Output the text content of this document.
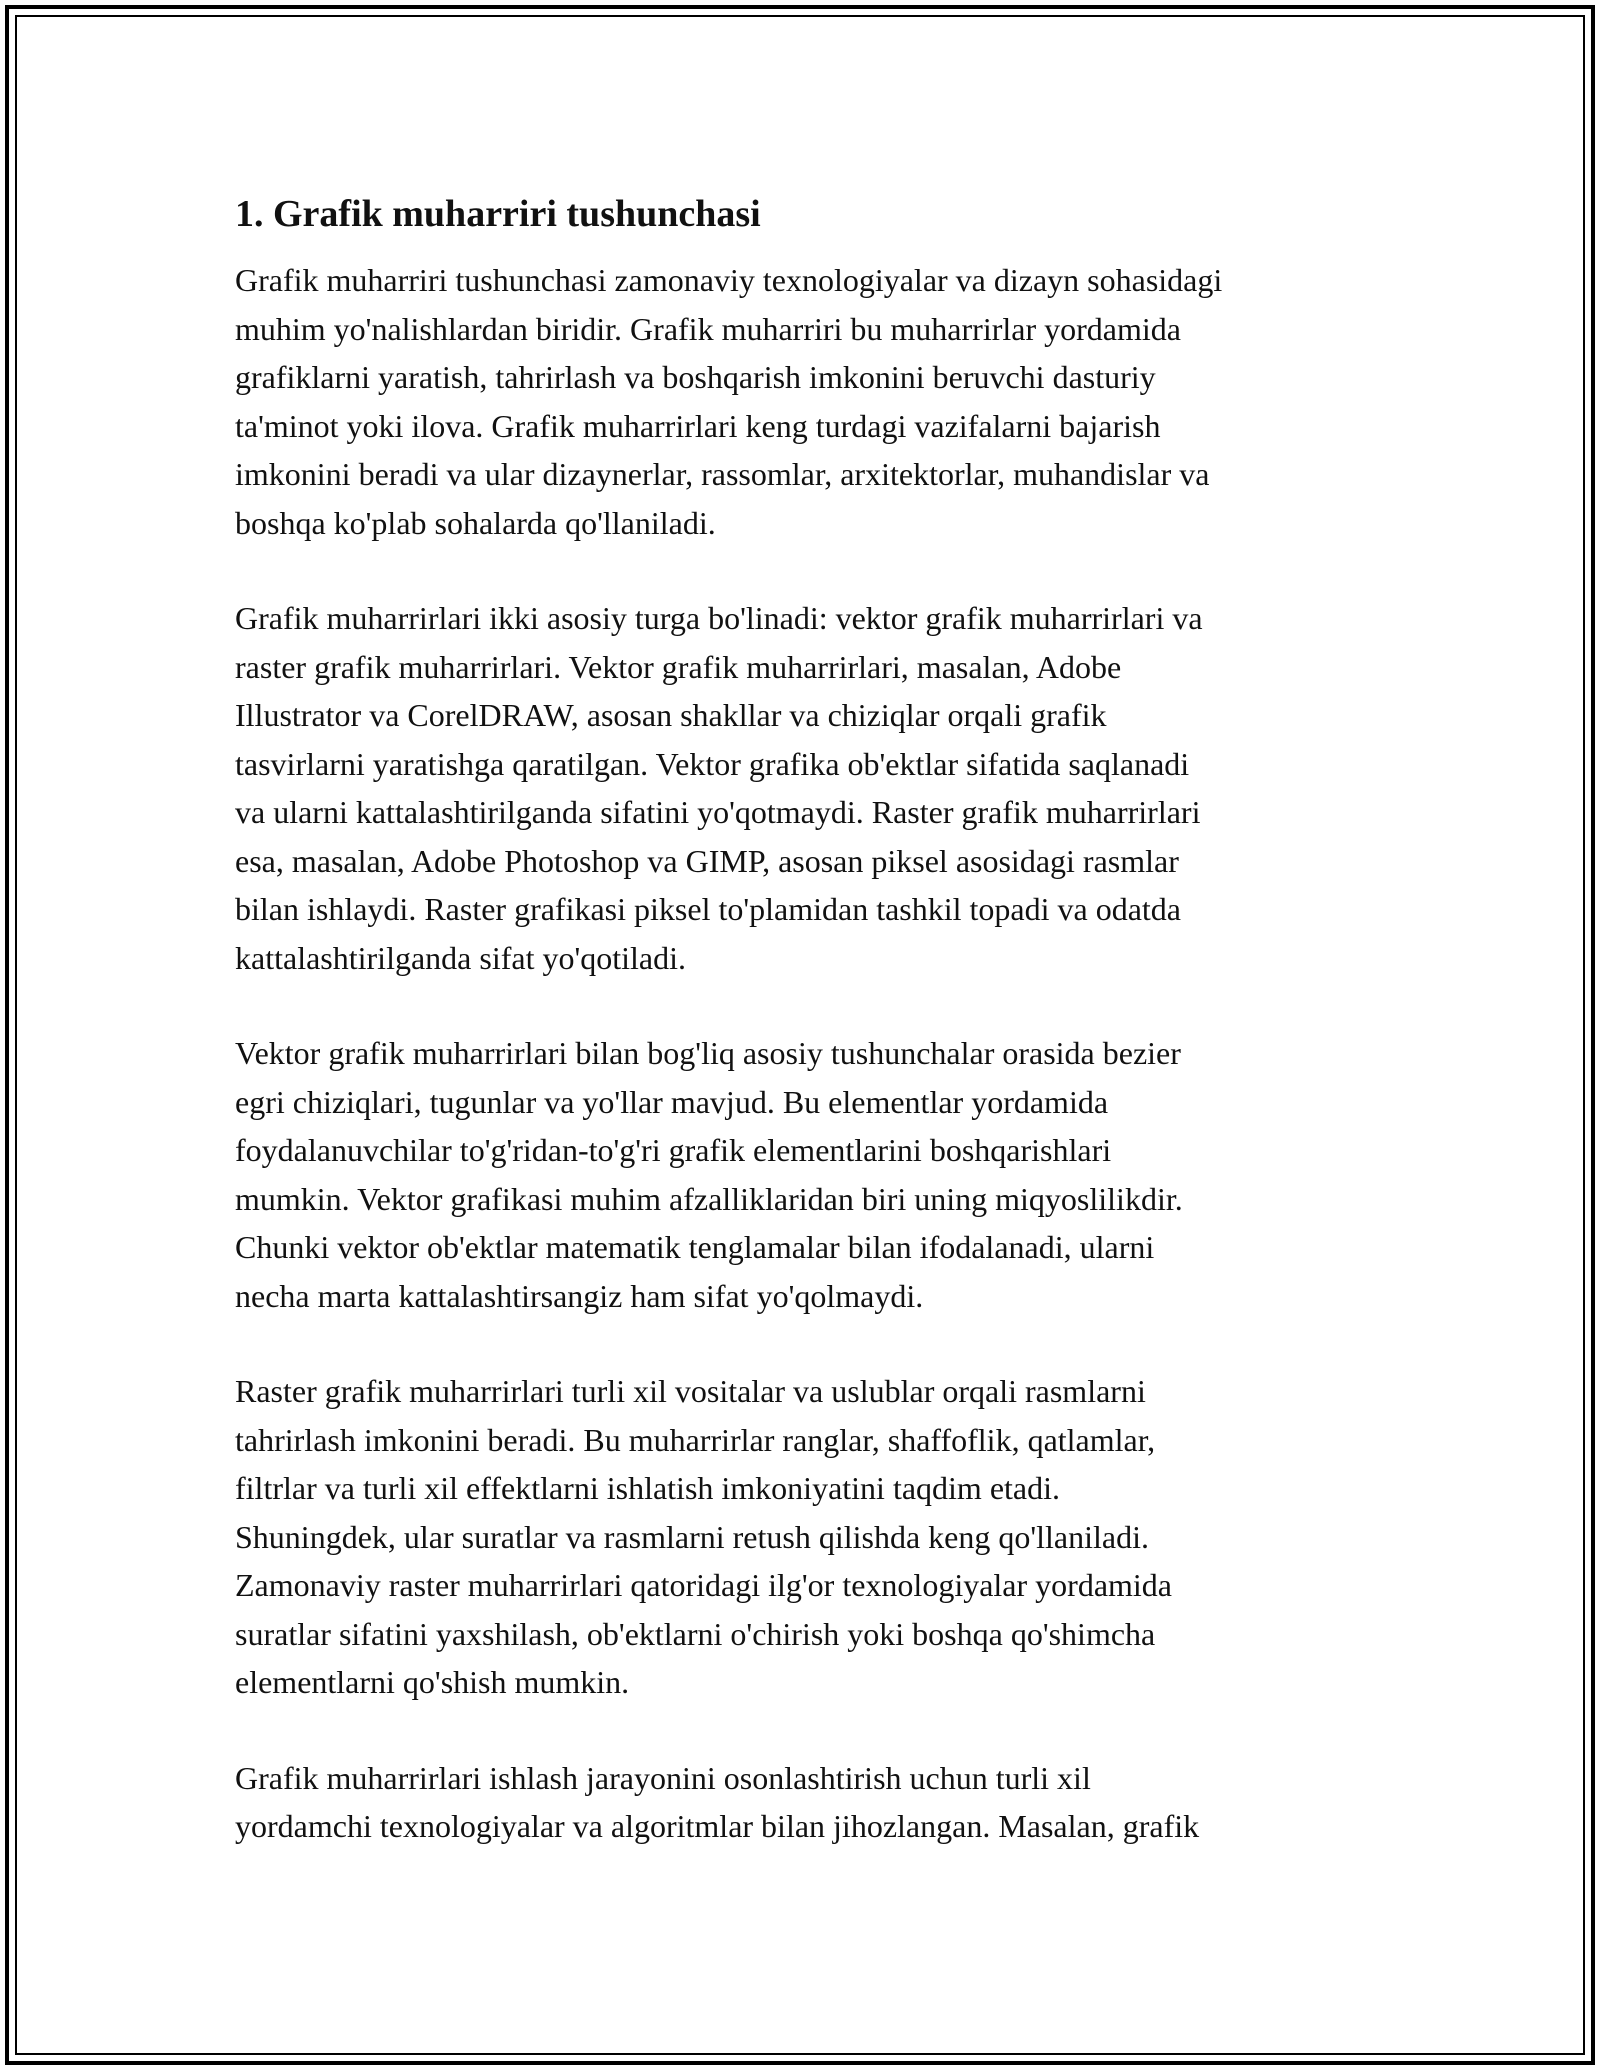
1. Grafik muharriri tushunchasi

Grafik muharriri tushunchasi zamonaviy texnologiyalar va dizayn sohasidagi
muhim yo'nalishlardan biridir. Grafik muharriri bu muharrirlar yordamida
grafiklarni yaratish, tahrirlash va boshqarish imkonini beruvchi dasturiy
ta'minot yoki ilova. Grafik muharrirlari keng turdagi vazifalarni bajarish
imkonini beradi va ular dizaynerlar, rassomlar, arxitektorlar, muhandislar va
boshqa ko'plab sohalarda qo'llaniladi.

Grafik muharrirlari ikki asosiy turga bo'linadi: vektor grafik muharrirlari va
raster grafik muharrirlari. Vektor grafik muharrirlari, masalan, Adobe
Illustrator va CorelDRAW, asosan shakllar va chiziqlar orqali grafik
tasvirlarni yaratishga qaratilgan. Vektor grafika ob'ektlar sifatida saqlanadi
va ularni kattalashtirilganda sifatini yo'qotmaydi. Raster grafik muharrirlari
esa, masalan, Adobe Photoshop va GIMP, asosan piksel asosidagi rasmlar
bilan ishlaydi. Raster grafikasi piksel to'plamidan tashkil topadi va odatda
kattalashtirilganda sifat yo'qotiladi.

Vektor grafik muharrirlari bilan bog'liq asosiy tushunchalar orasida bezier
egri chiziqlari, tugunlar va yo'llar mavjud. Bu elementlar yordamida
foydalanuvchilar to'g'ridan-to'g'ri grafik elementlarini boshqarishlari
mumkin. Vektor grafikasi muhim afzalliklaridan biri uning miqyoslilikdir.
Chunki vektor ob'ektlar matematik tenglamalar bilan ifodalanadi, ularni
necha marta kattalashtirsangiz ham sifat yo'qolmaydi.

Raster grafik muharrirlari turli xil vositalar va uslublar orqali rasmlarni
tahrirlash imkonini beradi. Bu muharrirlar ranglar, shaffoflik, qatlamlar,
filtrlar va turli xil effektlarni ishlatish imkoniyatini taqdim etadi.
Shuningdek, ular suratlar va rasmlarni retush qilishda keng qo'llaniladi.
Zamonaviy raster muharrirlari qatoridagi ilg'or texnologiyalar yordamida
suratlar sifatini yaxshilash, ob'ektlarni o'chirish yoki boshqa qo'shimcha
elementlarni qo'shish mumkin.

Grafik muharrirlari ishlash jarayonini osonlashtirish uchun turli xil
yordamchi texnologiyalar va algoritmlar bilan jihozlangan. Masalan, grafik
